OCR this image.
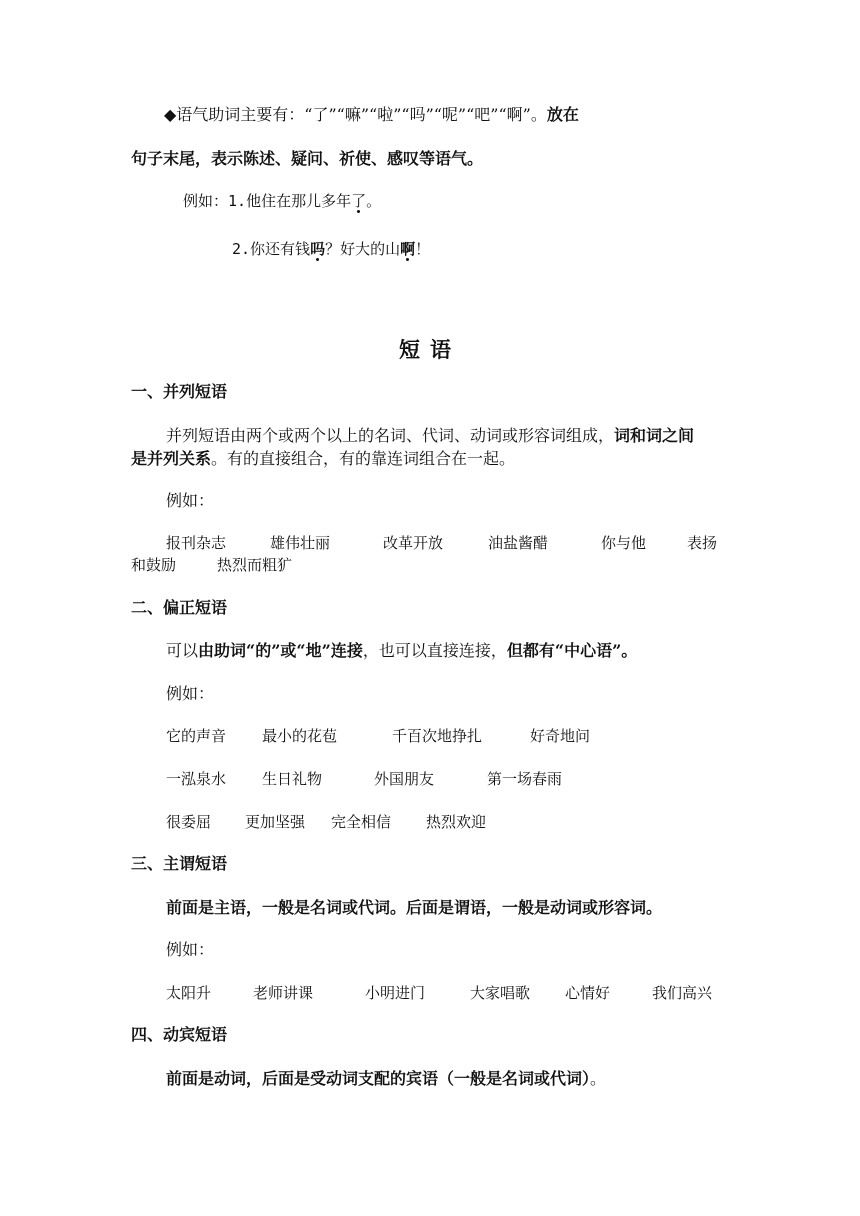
◆语气助词主要有：“了”“嘛”“啦”“吗”“呢”“吧”“啊”。放在
句子末尾，表示陈述、疑问、祈使、感叹等语气。
例如：1.他住在那儿多年了。
2.你还有钱吗？好大的山啊！
短语
一、并列短语
并列短语由两个或两个以上的名词、代词、动词或形容词组成，词和词之间
是并列关系。有的直接组合，有的靠连词组合在一起。
例如：
报刊杂志	雄伟壮丽	改革开放	油盐酱醋	你与他	表扬
和鼓励	热烈而粗犷
二、偏正短语
可以由助词“的”或“地”连接，也可以直接连接，但都有“中心语”。
例如：
它的声音 最小的花苞	千百次地挣扎	好奇地问
一泓泉水 生日礼物	外国朋友	第一场春雨
很委屈 更加坚强 完全相信 热烈欢迎
三、主谓短语
前面是主语，一般是名词或代词。后面是谓语，一般是动词或形容词。
例如：
太阳升	老师讲课	小明进门	大家唱歌 心情好	我们高兴
四、动宾短语
前面是动词，后面是受动词支配的宾语（一般是名词或代词）。
